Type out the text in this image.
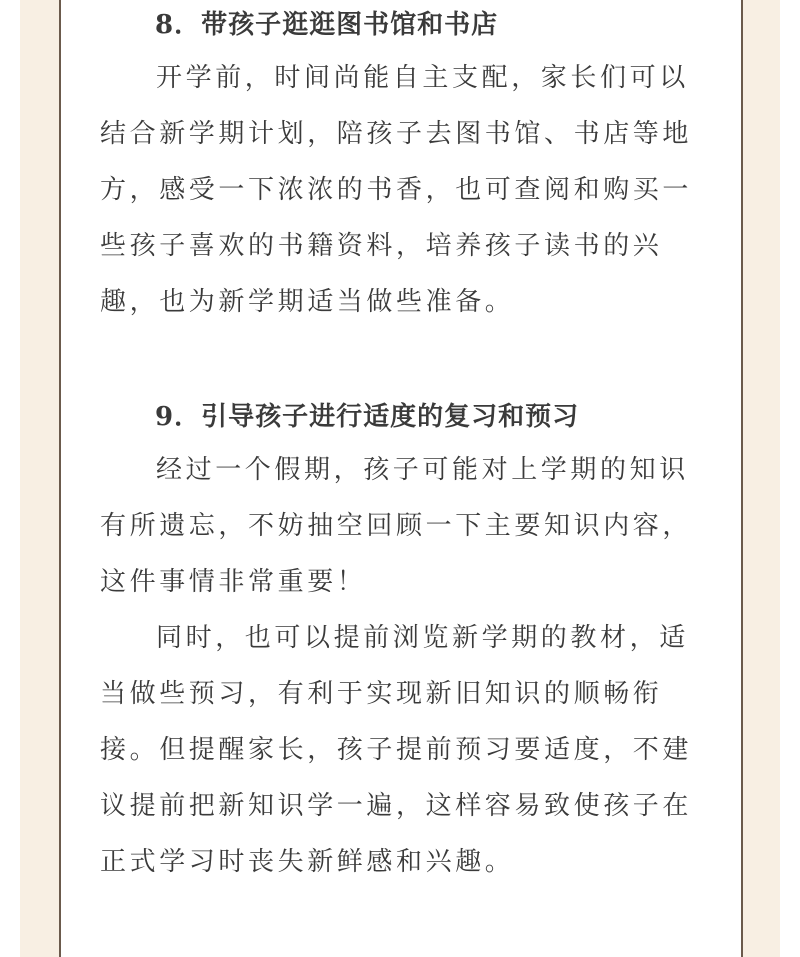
8．带孩子逛逛图书馆和书店

开学前，时间尚能自主支配，家长们可以结合新学期计划，陪孩子去图书馆、书店等地方，感受一下浓浓的书香，也可查阅和购买一些孩子喜欢的书籍资料，培养孩子读书的兴趣，也为新学期适当做些准备。

9．引导孩子进行适度的复习和预习

经过一个假期，孩子可能对上学期的知识有所遗忘，不妨抽空回顾一下主要知识内容，这件事情非常重要！

同时，也可以提前浏览新学期的教材，适当做些预习，有利于实现新旧知识的顺畅衔接。但提醒家长，孩子提前预习要适度，不建议提前把新知识学一遍，这样容易致使孩子在正式学习时丧失新鲜感和兴趣。
